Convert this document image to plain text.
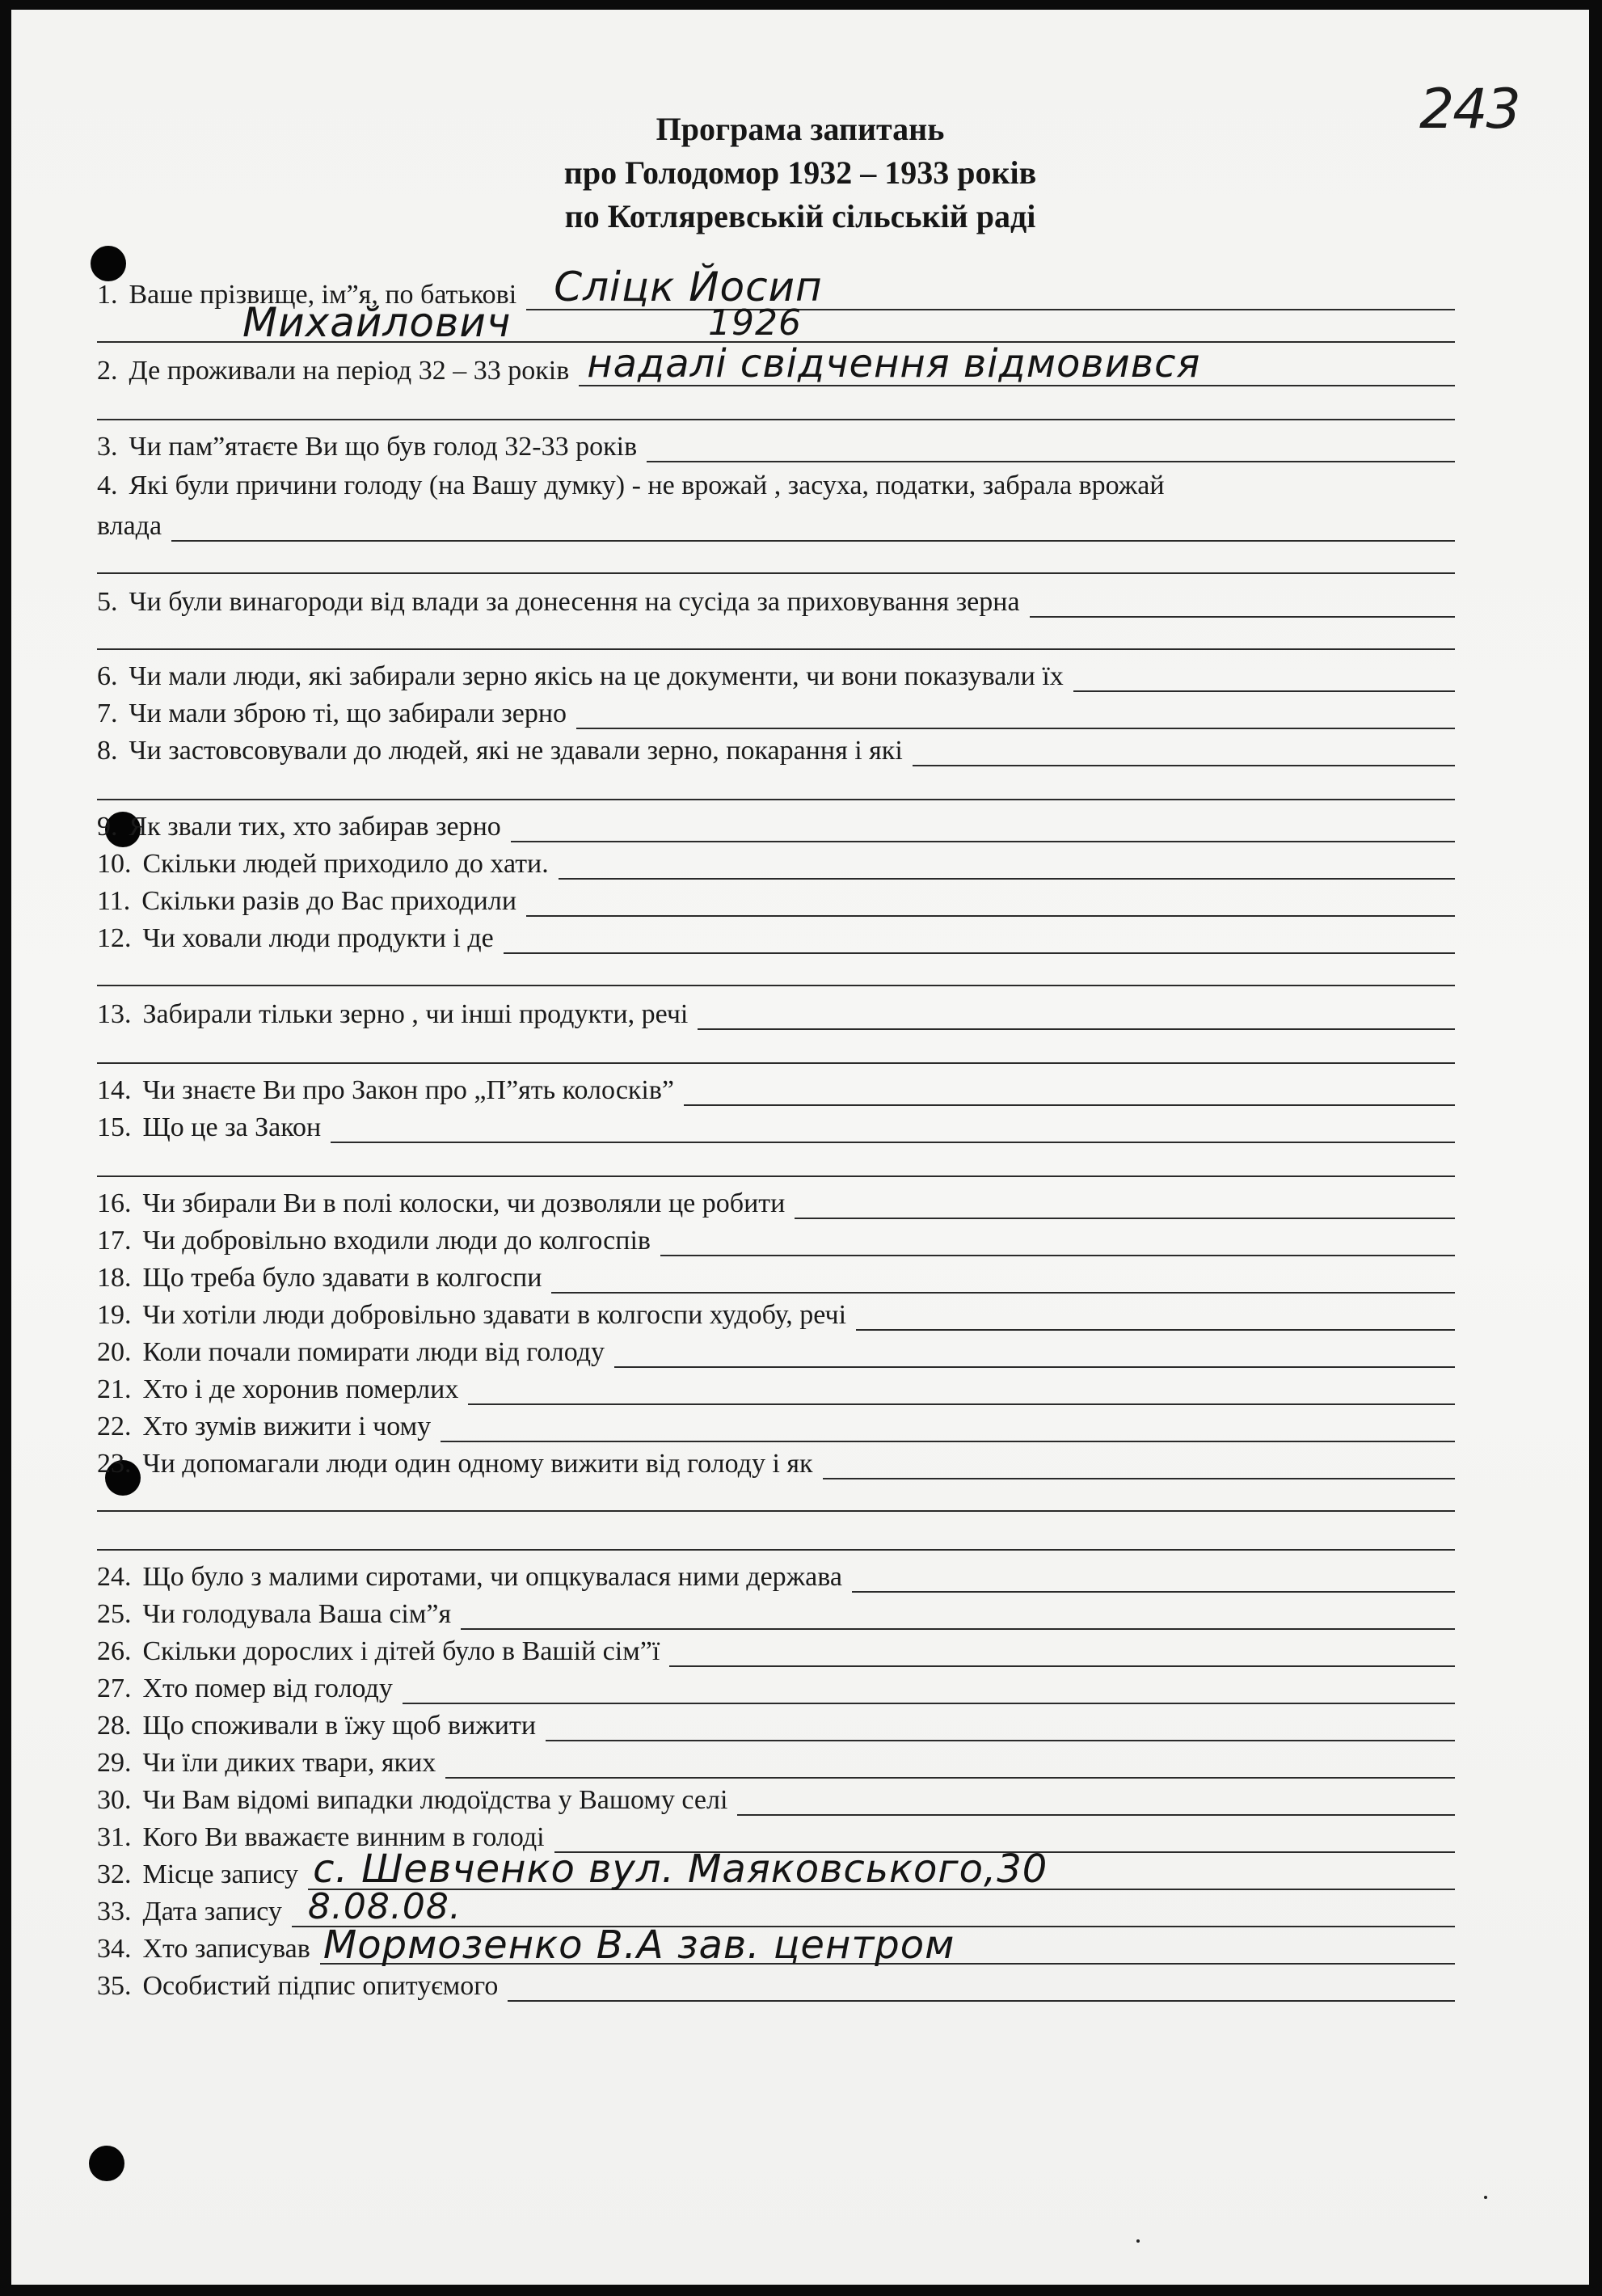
243
Програма запитань
про Голодомор 1932 – 1933 років
по Котляревській сільській раді
1. Ваше прізвище, ім”я, по батькові Сліцк Йосип
Михайлович	1926
2. Де проживали на період 32 – 33 років надалі свідчення відмовився
3. Чи пам”ятаєте Ви що був голод 32-33 років
4. Які були причини голоду (на Вашу думку) - не врожай , засуха, податки, забрала врожай
влада
5. Чи були винагороди від влади за донесення на сусіда за приховування зерна
6. Чи мали люди, які забирали зерно якісь на це документи, чи вони показували їх
7. Чи мали зброю ті, що забирали зерно
8. Чи застовсовували до людей, які не здавали зерно, покарання і які
9. Як звали тих, хто забирав зерно
10. Скільки людей приходило до хати.
11. Скільки разів до Вас приходили
12. Чи ховали люди продукти і де
13. Забирали тільки зерно , чи інші продукти, речі
14. Чи знаєте Ви про Закон про „П”ять колосків”
15. Що це за Закон
16. Чи збирали Ви в полі колоски, чи дозволяли це робити
17. Чи добровільно входили люди до колгоспів
18. Що треба було здавати в колгоспи
19. Чи хотіли люди добровільно здавати в колгоспи худобу, речі
20. Коли почали помирати люди від голоду
21. Хто і де хоронив померлих
22. Хто зумів вижити і чому
23. Чи допомагали люди один одному вижити від голоду і як
24. Що було з малими сиротами, чи опцкувалася ними держава
25. Чи голодувала Ваша сім”я
26. Скільки дорослих і дітей було в Вашій сім”ї
27. Хто помер від голоду
28. Що споживали в їжу щоб вижити
29. Чи їли диких твари, яких
30. Чи Вам відомі випадки людоїдства у Вашому селі
31. Кого Ви вважаєте винним в голоді
32. Місце запису с. Шевченко вул. Маяковського,30
33. Дата запису 8.08.08.
34. Хто записував Мормозенко В.А зав. центром
35. Особистий підпис опитуємого
